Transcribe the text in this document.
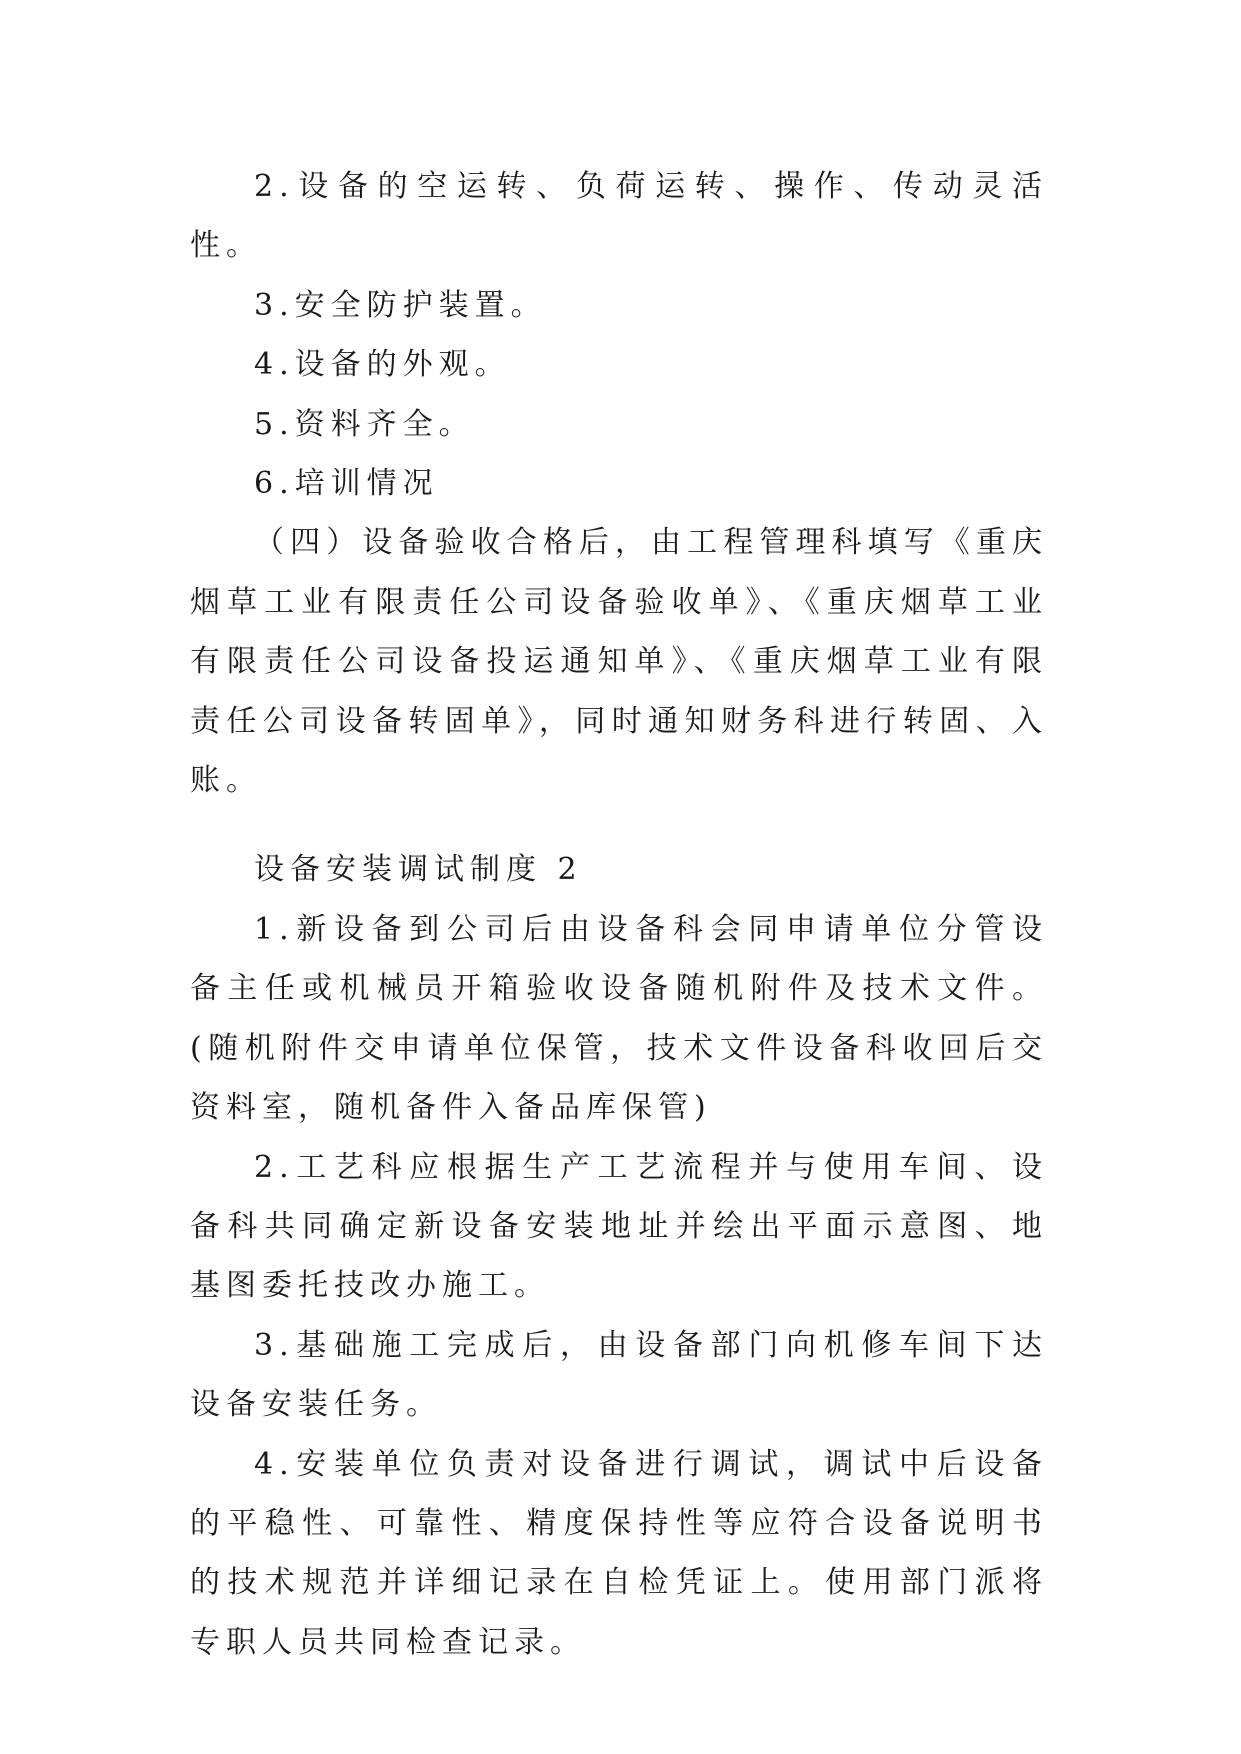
2.设备的空运转、负荷运转、操作、传动灵活性。

3.安全防护装置。

4.设备的外观。

5.资料齐全。

6.培训情况

（四）设备验收合格后，由工程管理科填写《重庆烟草工业有限责任公司设备验收单》、《重庆烟草工业有限责任公司设备投运通知单》、《重庆烟草工业有限责任公司设备转固单》，同时通知财务科进行转固、入账。

设备安装调试制度 2

1.新设备到公司后由设备科会同申请单位分管设备主任或机械员开箱验收设备随机附件及技术文件。(随机附件交申请单位保管，技术文件设备科收回后交资料室，随机备件入备品库保管)

2.工艺科应根据生产工艺流程并与使用车间、设备科共同确定新设备安装地址并绘出平面示意图、地基图委托技改办施工。

3.基础施工完成后，由设备部门向机修车间下达设备安装任务。

4.安装单位负责对设备进行调试，调试中后设备的平稳性、可靠性、精度保持性等应符合设备说明书的技术规范并详细记录在自检凭证上。使用部门派将专职人员共同检查记录。
